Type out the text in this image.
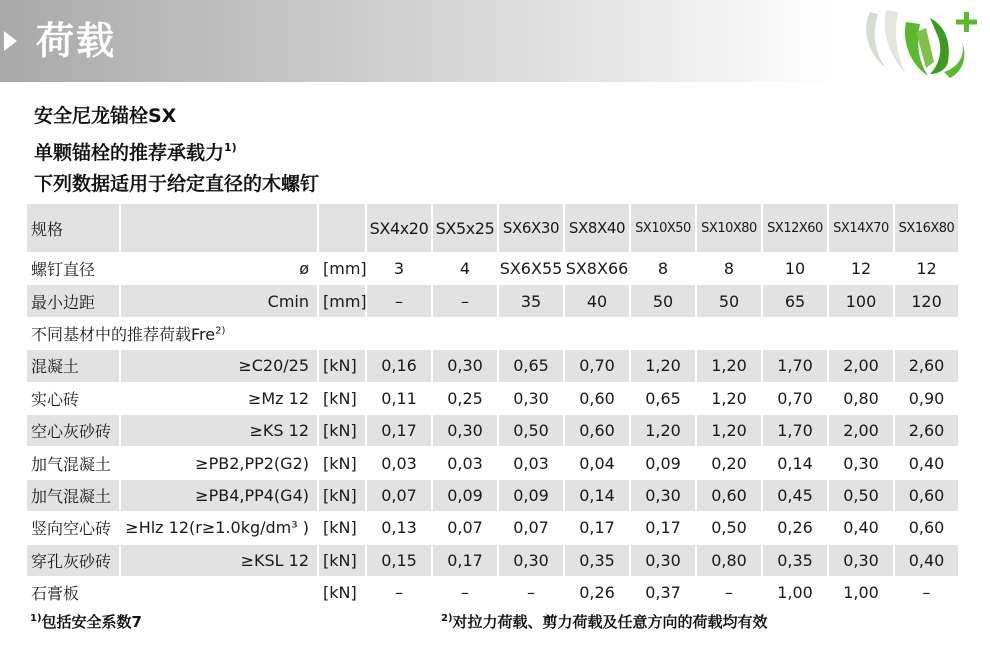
荷载
安全尼龙锚栓SX
单颗锚栓的推荐承载力$^{1)}$
下列数据适用于给定直径的木螺钉
规格			SX4x20	SX5x25	SX6X30	SX8X40	SX10X50	SX10X80	SX12X60	SX14X70	SX16X80
螺钉直径	ø	[mm]	3	4	SX6X55	SX8X66	8	8	10	12	12
最小边距	Cmin	[mm]	–	–	35	40	50	50	65	100	120
不同基材中的推荐荷载Fre$^{2)}$
混凝土	≥C20/25	[kN]	0,16	0,30	0,65	0,70	1,20	1,20	1,70	2,00	2,60
实心砖	≥Mz 12	[kN]	0,11	0,25	0,30	0,60	0,65	1,20	0,70	0,80	0,90
空心灰砂砖	≥KS 12	[kN]	0,17	0,30	0,50	0,60	1,20	1,20	1,70	2,00	2,60
加气混凝土	≥PB2,PP2(G2)	[kN]	0,03	0,03	0,03	0,04	0,09	0,20	0,14	0,30	0,40
加气混凝土	≥PB4,PP4(G4)	[kN]	0,07	0,09	0,09	0,14	0,30	0,60	0,45	0,50	0,60
竖向空心砖	≥Hlz 12(r≥1.0kg/dm³ )	[kN]	0,13	0,07	0,07	0,17	0,17	0,50	0,26	0,40	0,60
穿孔灰砂砖	≥KSL 12	[kN]	0,15	0,17	0,30	0,35	0,30	0,80	0,35	0,30	0,40
石膏板		[kN]	–	–	–	0,26	0,37	–	1,00	1,00	–
$^{1)}$包括安全系数7	$^{2)}$对拉力荷载、剪力荷载及任意方向的荷载均有效
